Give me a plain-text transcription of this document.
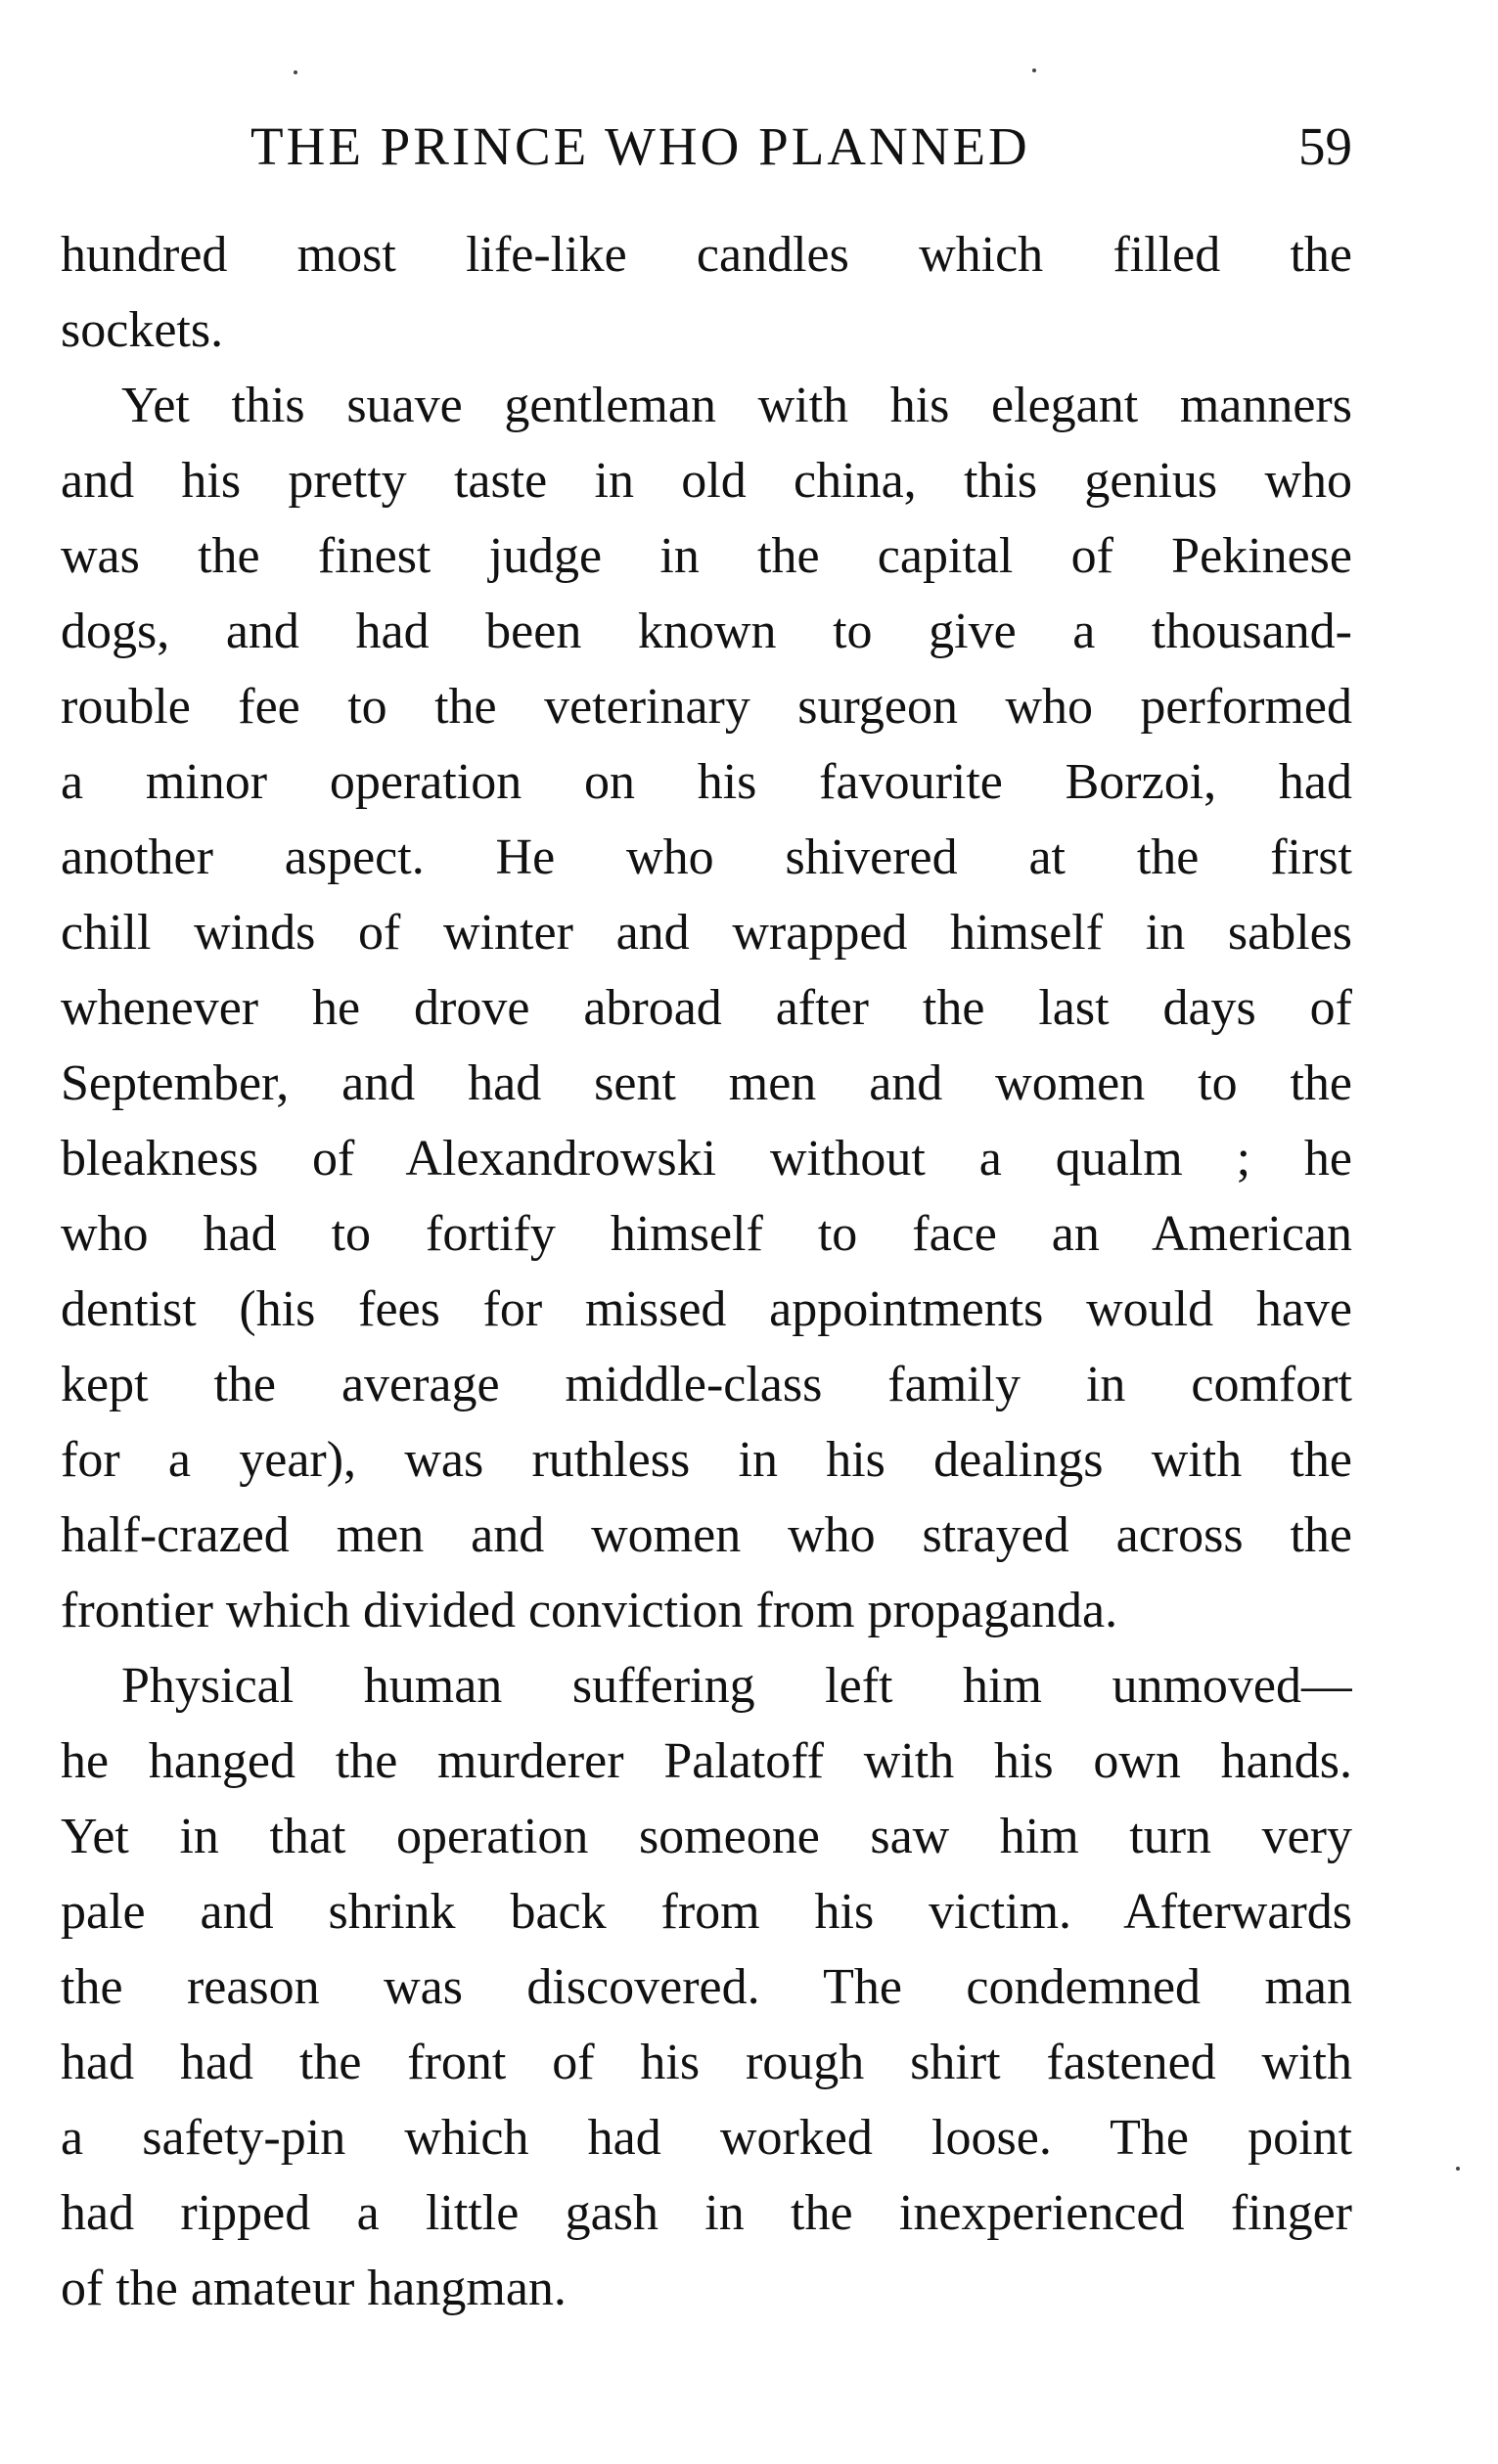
THE PRINCE WHO PLANNED	59
hundred most life-like candles which filled the
sockets.
Yet this suave gentleman with his elegant manners
and his pretty taste in old china, this genius who
was the finest judge in the capital of Pekinese
dogs, and had been known to give a thousand-
rouble fee to the veterinary surgeon who performed
a minor operation on his favourite Borzoi, had
another aspect. He who shivered at the first
chill winds of winter and wrapped himself in sables
whenever he drove abroad after the last days of
September, and had sent men and women to the
bleakness of Alexandrowski without a qualm ; he
who had to fortify himself to face an American
dentist (his fees for missed appointments would have
kept the average middle-class family in comfort
for a year), was ruthless in his dealings with the
half-crazed men and women who strayed across the
frontier which divided conviction from propaganda.
Physical human suffering left him unmoved—
he hanged the murderer Palatoff with his own hands.
Yet in that operation someone saw him turn very
pale and shrink back from his victim. Afterwards
the reason was discovered. The condemned man
had had the front of his rough shirt fastened with
a safety-pin which had worked loose. The point
had ripped a little gash in the inexperienced finger
of the amateur hangman.
